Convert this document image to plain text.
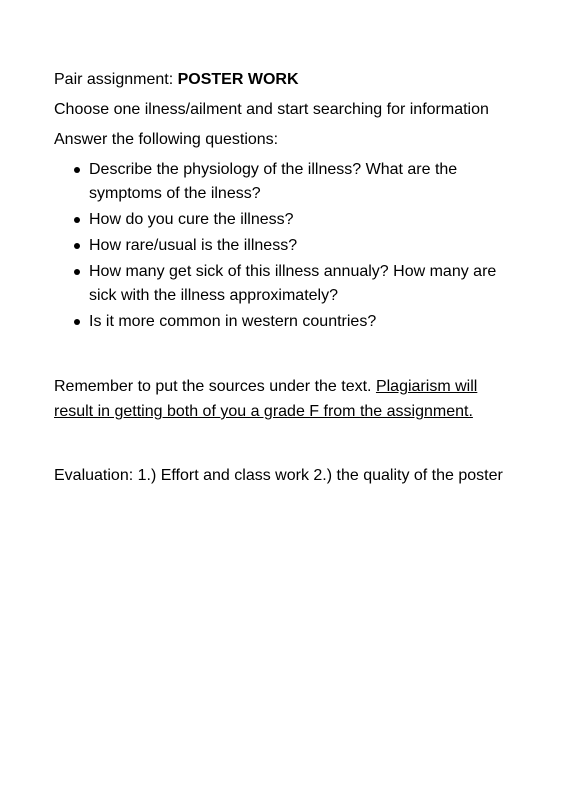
Pair assignment: POSTER WORK

Choose one ilness/ailment and start searching for information

Answer the following questions:

Describe the physiology of the illness? What are the symptoms of the ilness?
How do you cure the illness?
How rare/usual is the illness?
How many get sick of this illness annualy? How many are sick with the illness approximately?
Is it more common in western countries?

Remember to put the sources under the text. Plagiarism will result in getting both of you a grade F from the assignment.

Evaluation: 1.) Effort and class work 2.) the quality of the poster
